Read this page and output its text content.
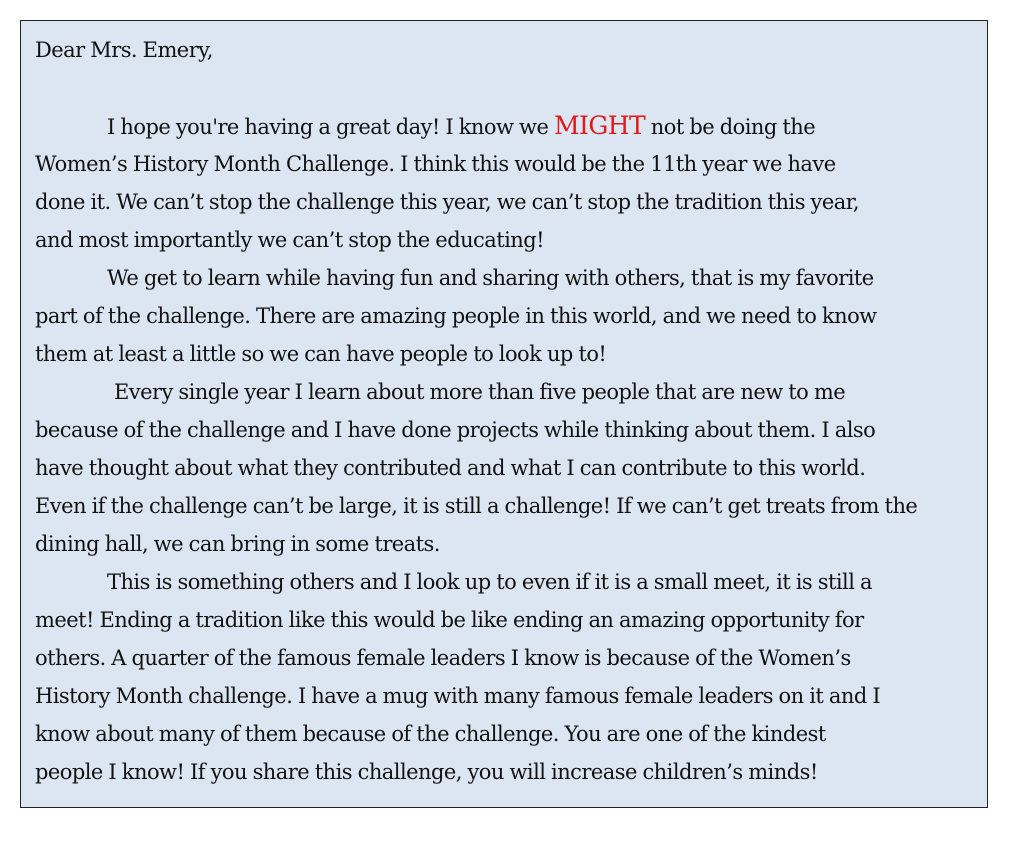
Dear Mrs. Emery,
I hope you're having a great day! I know we MIGHT not be doing the
Women’s History Month Challenge. I think this would be the 11th year we have
done it. We can’t stop the challenge this year, we can’t stop the tradition this year,
and most importantly we can’t stop the educating!
We get to learn while having fun and sharing with others, that is my favorite
part of the challenge. There are amazing people in this world, and we need to know
them at least a little so we can have people to look up to!
Every single year I learn about more than five people that are new to me
because of the challenge and I have done projects while thinking about them. I also
have thought about what they contributed and what I can contribute to this world.
Even if the challenge can’t be large, it is still a challenge! If we can’t get treats from the
dining hall, we can bring in some treats.
This is something others and I look up to even if it is a small meet, it is still a
meet! Ending a tradition like this would be like ending an amazing opportunity for
others. A quarter of the famous female leaders I know is because of the Women’s
History Month challenge. I have a mug with many famous female leaders on it and I
know about many of them because of the challenge. You are one of the kindest
people I know! If you share this challenge, you will increase children’s minds!
